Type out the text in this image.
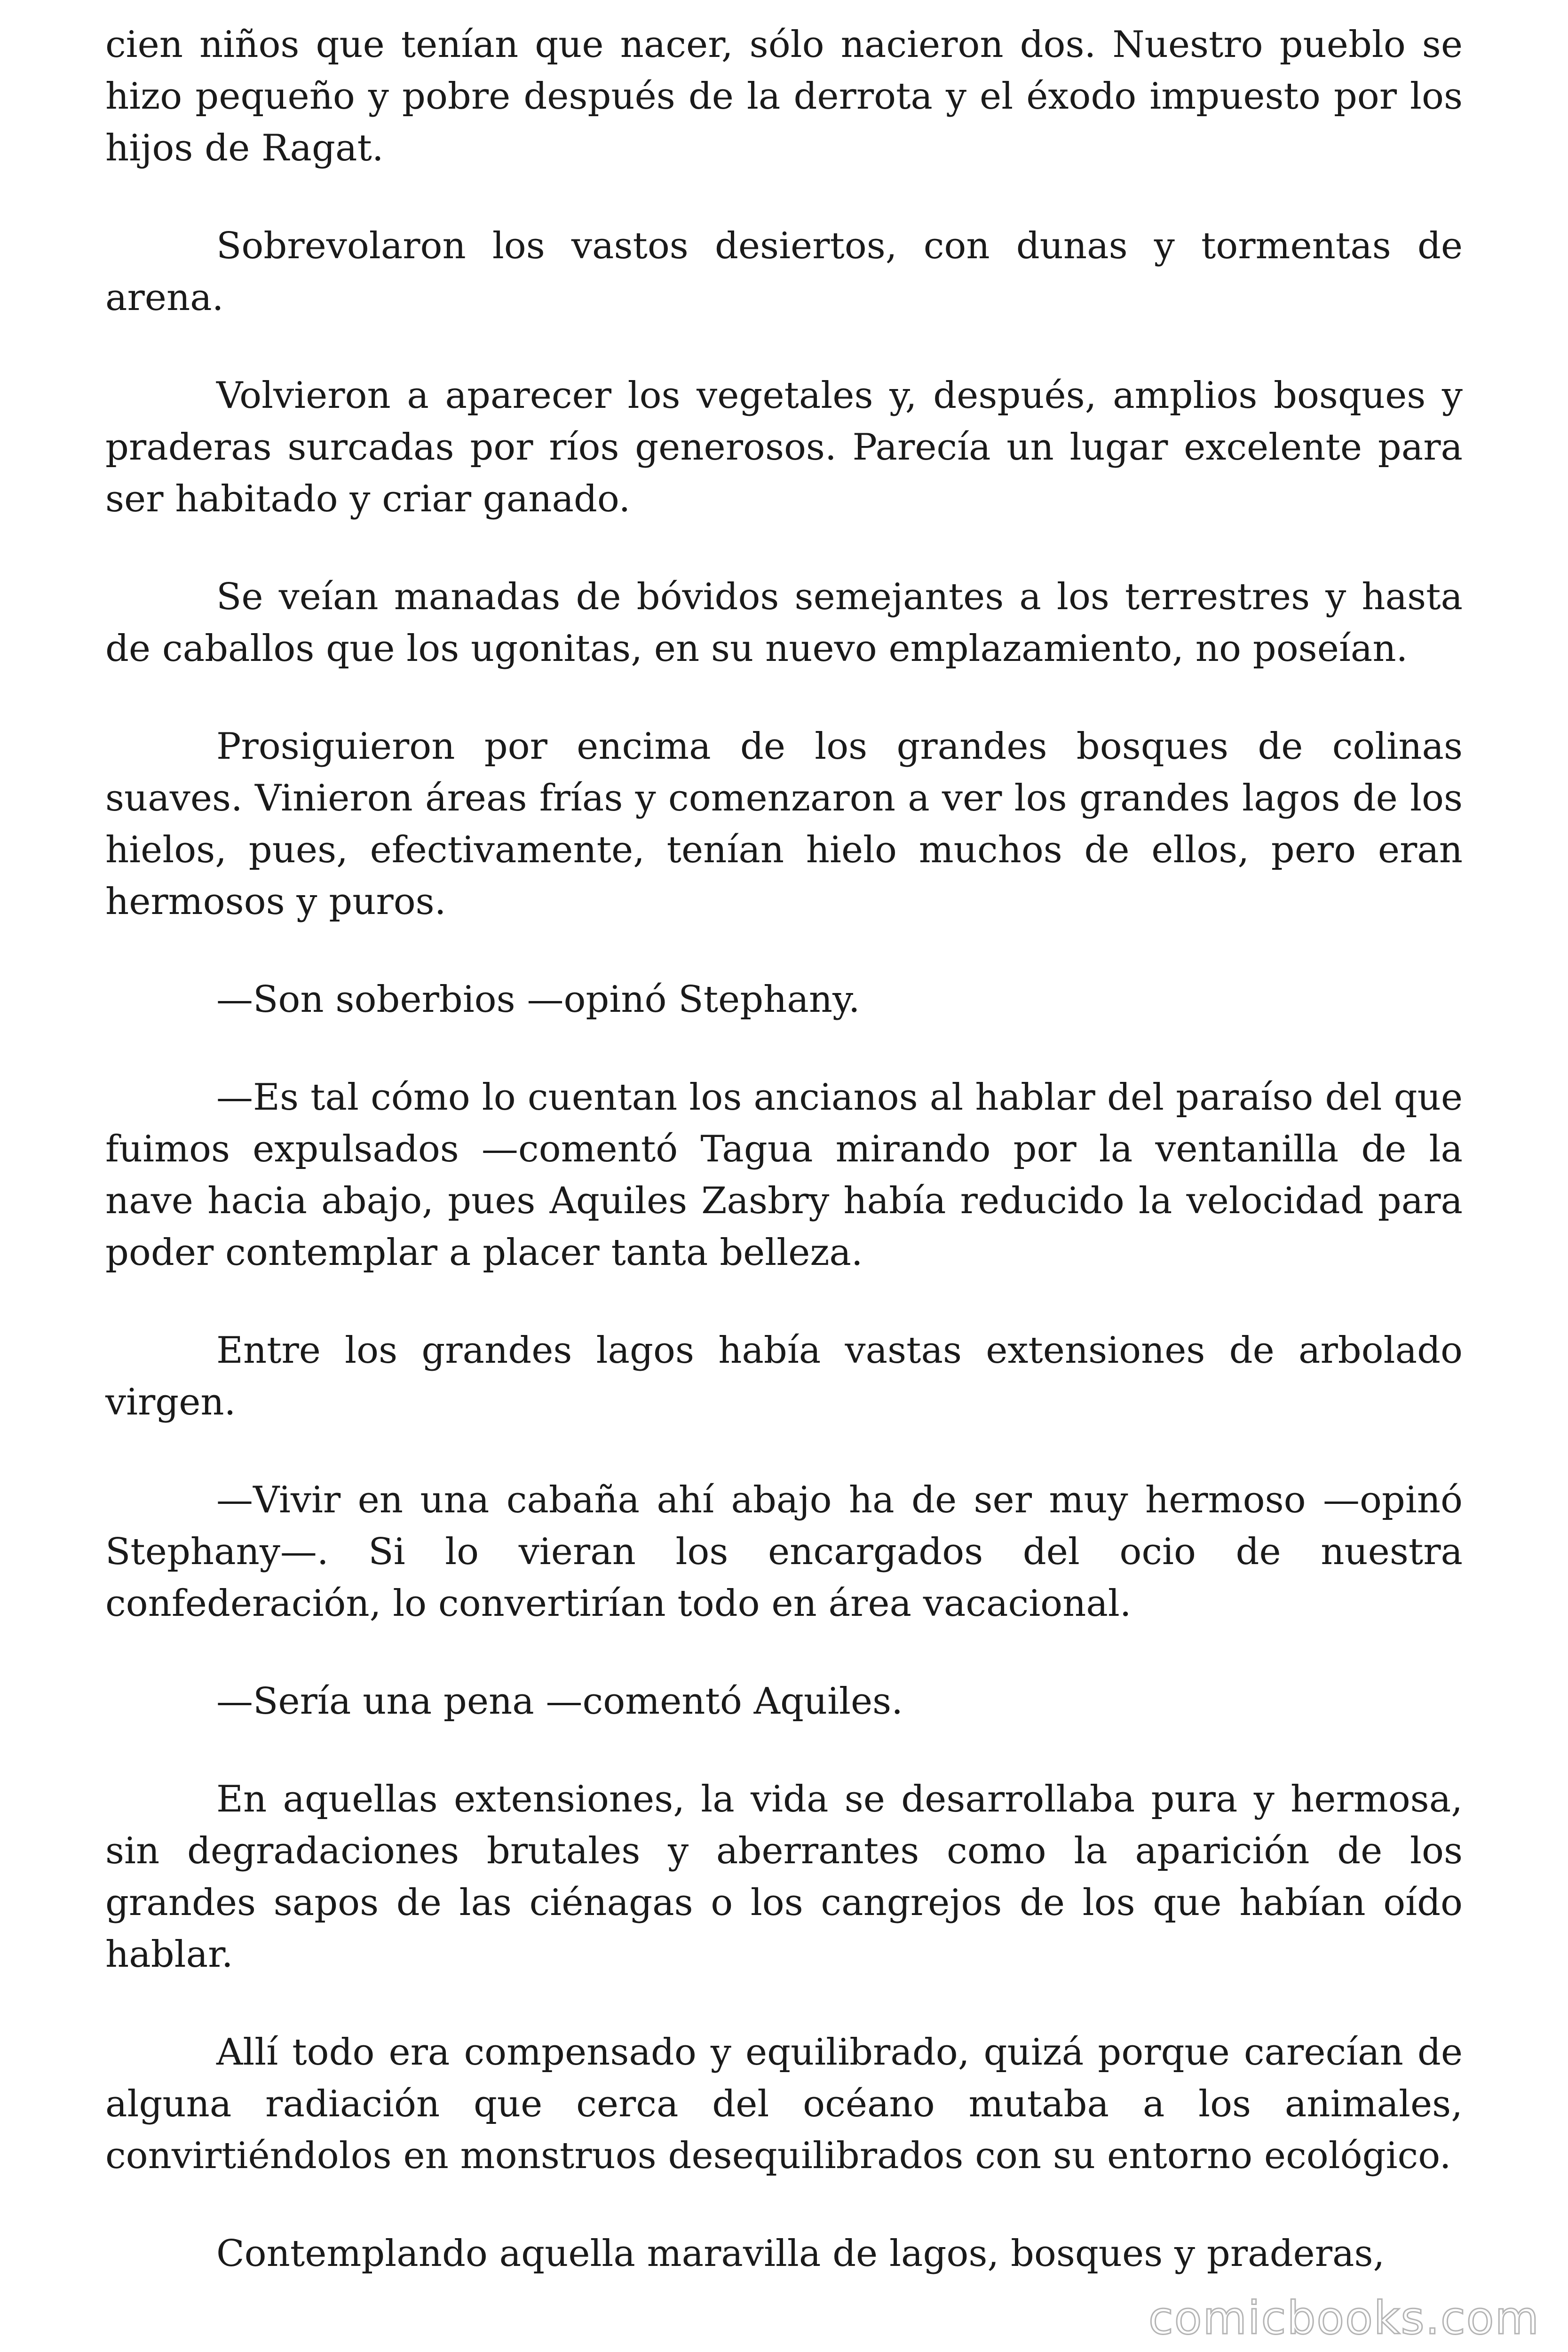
cien niños que tenían que nacer, sólo nacieron dos. Nuestro pueblo se hizo pequeño y pobre después de la derrota y el éxodo impuesto por los hijos de Ragat.

Sobrevolaron los vastos desiertos, con dunas y tormentas de arena.

Volvieron a aparecer los vegetales y, después, amplios bosques y praderas surcadas por ríos generosos. Parecía un lugar excelente para ser habitado y criar ganado.

Se veían manadas de bóvidos semejantes a los terrestres y hasta de caballos que los ugonitas, en su nuevo emplazamiento, no poseían.

Prosiguieron por encima de los grandes bosques de colinas suaves. Vinieron áreas frías y comenzaron a ver los grandes lagos de los hielos, pues, efectivamente, tenían hielo muchos de ellos, pero eran hermosos y puros.

—Son soberbios —opinó Stephany.

—Es tal cómo lo cuentan los ancianos al hablar del paraíso del que fuimos expulsados —comentó Tagua mirando por la ventanilla de la nave hacia abajo, pues Aquiles Zasbry había reducido la velocidad para poder contemplar a placer tanta belleza.

Entre los grandes lagos había vastas extensiones de arbolado virgen.

—Vivir en una cabaña ahí abajo ha de ser muy hermoso —opinó Stephany—. Si lo vieran los encargados del ocio de nuestra confederación, lo convertirían todo en área vacacional.

—Sería una pena —comentó Aquiles.

En aquellas extensiones, la vida se desarrollaba pura y hermosa, sin degradaciones brutales y aberrantes como la aparición de los grandes sapos de las ciénagas o los cangrejos de los que habían oído hablar.

Allí todo era compensado y equilibrado, quizá porque carecían de alguna radiación que cerca del océano mutaba a los animales, convirtiéndolos en monstruos desequilibrados con su entorno ecológico.

Contemplando aquella maravilla de lagos, bosques y praderas,

comicbooks.com
